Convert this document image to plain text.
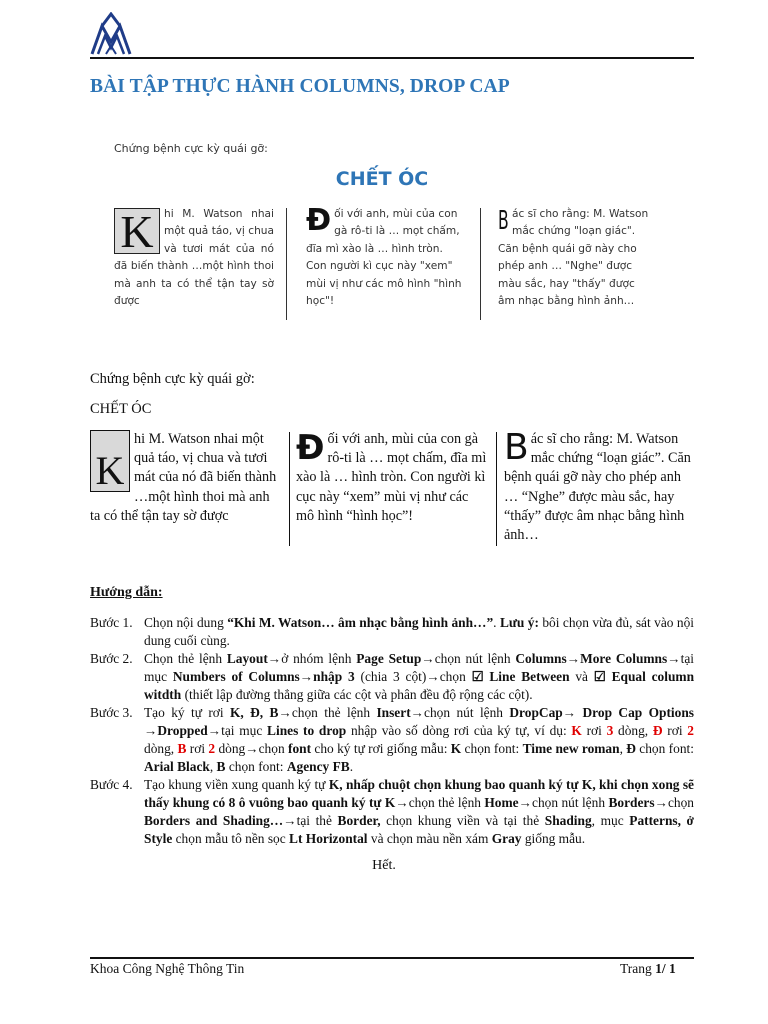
BÀI TẬP THỰC HÀNH COLUMNS, DROP CAP
Chứng bệnh cực kỳ quái gỡ:
CHẾT ÓC
K hi M. Watson nhai một quả táo, vị chua và tươi mát của nó đã biến thành …một hình thoi mà anh ta có thể tận tay sờ được
Đối với anh, mùi của con gà rô-ti là … mọt chấm, đĩa mì xào là … hình tròn. Con người kì cục này "xem" mùi vị như các mô hình "hình học"!
Bác sĩ cho rằng: M. Watson mắc chứng "loạn giác". Căn bệnh quái gỡ này cho phép anh … "Nghe" được màu sắc, hay "thấy" được âm nhạc bằng hình ảnh…
Chứng bệnh cực kỳ quái gờ:
CHẾT ÓC
K
hi M. Watson nhai một quả táo, vị chua và tươi mát của nó đã biến thành …một hình thoi mà anh ta có thể tận tay sờ được
Đối với anh, mùi của con gà rô-ti là … mọt chấm, đĩa mì xào là … hình tròn. Con người kì cục này “xem” mùi vị như các mô hình “hình học”!
Bác sĩ cho rằng: M. Watson mắc chứng “loạn giác”. Căn bệnh quái gỡ này cho phép anh … “Nghe” được màu sắc, hay “thấy” được âm nhạc bằng hình ảnh…
Hướng dẫn:
Bước 1. Chọn nội dung “Khi M. Watson… âm nhạc bằng hình ảnh…”. Lưu ý: bôi chọn vừa đủ, sát vào nội dung cuối cùng.
Bước 2. Chọn thẻ lệnh Layout→ở nhóm lệnh Page Setup→chọn nút lệnh Columns→More Columns→tại mục Numbers of Columns→nhập 3 (chia 3 cột)→chọn ☑ Line Between và ☑ Equal column witdth (thiết lập đường thẳng giữa các cột và phân đều độ rộng các cột).
Bước 3. Tạo ký tự rơi K, Đ, B→chọn thẻ lệnh Insert→chọn nút lệnh DropCap→ Drop Cap Options →Dropped→tại mục Lines to drop nhập vào số dòng rơi của ký tự, ví dụ: K rơi 3 dòng, Đ rơi 2 dòng, B rơi 2 dòng→chọn font cho ký tự rơi giống mẫu: K chọn font: Time new roman, Đ chọn font: Arial Black, B chọn font: Agency FB.
Bước 4. Tạo khung viền xung quanh ký tự K, nhấp chuột chọn khung bao quanh ký tự K, khi chọn xong sẽ thấy khung có 8 ô vuông bao quanh ký tự K→chọn thẻ lệnh Home→chọn nút lệnh Borders→chọn Borders and Shading…→tại thẻ Border, chọn khung viền và tại thẻ Shading, mục Patterns, ở Style chọn mẫu tô nền sọc Lt Horizontal và chọn màu nền xám Gray giống mẫu.
Hết.
Khoa Công Nghệ Thông Tin	Trang 1/ 1
